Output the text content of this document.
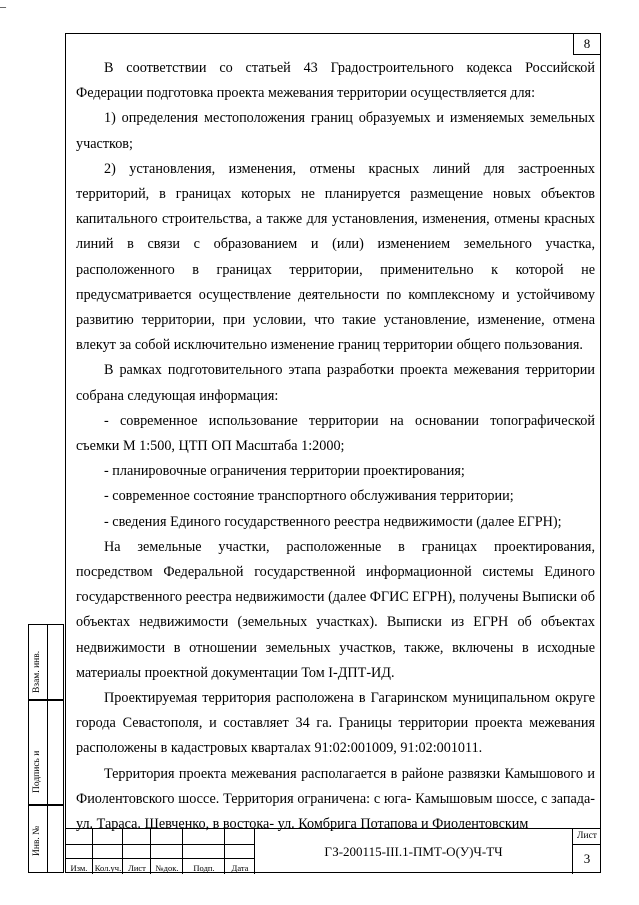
–
8

В соответствии со статьей 43 Градостроительного кодекса Российской Федерации подготовка проекта межевания территории осуществляется для:

1) определения местоположения границ образуемых и изменяемых земельных участков;

2) установления, изменения, отмены красных линий для застроенных территорий, в границах которых не планируется размещение новых объектов капитального строительства, а также для установления, изменения, отмены красных линий в связи с образованием и (или) изменением земельного участка, расположенного в границах территории, применительно к которой не предусматривается осуществление деятельности по комплексному и устойчивому развитию территории, при условии, что такие установление, изменение, отмена влекут за собой исключительно изменение границ территории общего пользования.

В рамках подготовительного этапа разработки проекта межевания территории собрана следующая информация:

- современное использование территории на основании топографической съемки М 1:500, ЦТП ОП Масштаба 1:2000;

- планировочные ограничения территории проектирования;

- современное состояние транспортного обслуживания территории;

- сведения Единого государственного реестра недвижимости (далее ЕГРН);

На земельные участки, расположенные в границах проектирования, посредством Федеральной государственной информационной системы Единого государственного реестра недвижимости (далее ФГИС ЕГРН), получены Выписки об объектах недвижимости (земельных участках). Выписки из ЕГРН об объектах недвижимости в отношении земельных участков, также, включены в исходные материалы проектной документации Том I-ДПТ-ИД.

Проектируемая территория расположена в Гагаринском муниципальном округе города Севастополя, и составляет 34 га. Границы территории проекта межевания расположены в кадастровых кварталах 91:02:001009, 91:02:001011.

Территория проекта межевания располагается в районе развязки Камышового и Фиолентовского шоссе. Территория ограничена: с юга- Камышовым шоссе, с запада- ул. Тараса. Шевченко, в востока- ул. Комбрига Потапова и Фиолентовским

Взам. инв.
Подпись и
Инв. №
Изм. Кол.уч. Лист	№док.	Подп.	Дата
ГЗ-200115-III.1-ПМТ-О(У)Ч-ТЧ
Лист
3
